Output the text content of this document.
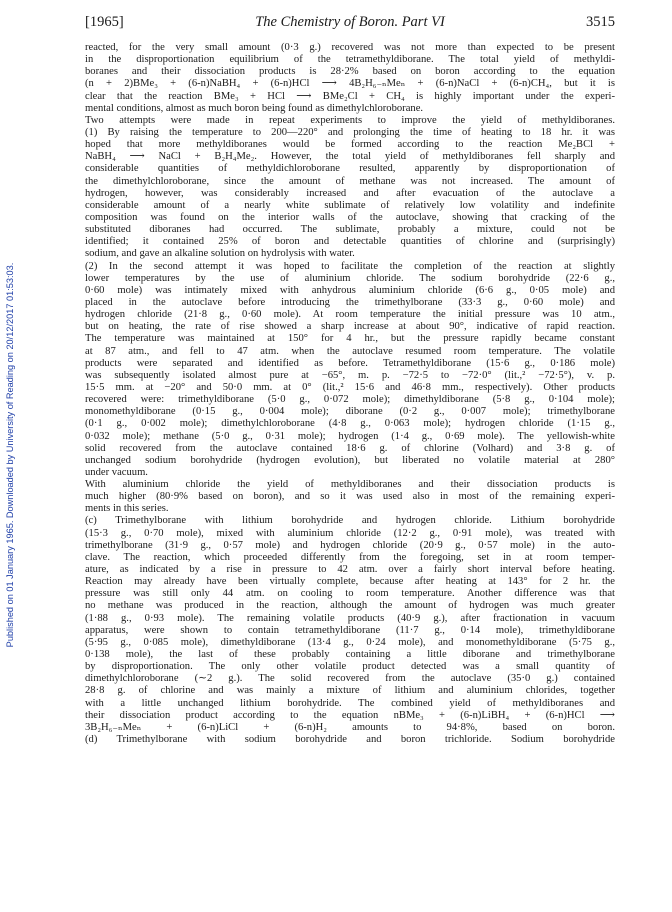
[1965]	The Chemistry of Boron. Part VI	3515
Published on 01 January 1965. Downloaded by University of Reading on 20/12/2017 01:53:03.
reacted, for the very small amount (0·3 g.) recovered was not more than expected to be present
in the disproportionation equilibrium of the tetramethyldiborane. The total yield of methyldi-
boranes and their dissociation products is 28·2% based on boron according to the equation
(n + 2)BMe₃ + (6-n)NaBH₄ + (6-n)HCl ⟶ 4B₂H₆₋ₙMeₙ + (6-n)NaCl + (6-n)CH₄, but it is
clear that the reaction BMe₃ + HCl ⟶ BMe₂Cl + CH₄ is highly important under the experi-
mental conditions, almost as much boron being found as dimethylchloroborane.
Two attempts were made in repeat experiments to improve the yield of methyldiboranes.
(1) By raising the temperature to 200—220° and prolonging the time of heating to 18 hr. it was
hoped that more methyldiboranes would be formed according to the reaction Me₂BCl +
NaBH₄ ⟶ NaCl + B₂H₄Me₂. However, the total yield of methyldiboranes fell sharply and
considerable quantities of methyldichloroborane resulted, apparently by disproportionation of
the dimethylchloroborane, since the amount of methane was not increased. The amount of
hydrogen, however, was considerably increased and after evacuation of the autoclave a
considerable amount of a nearly white sublimate of relatively low volatility and indefinite
composition was found on the interior walls of the autoclave, showing that cracking of the
substituted diboranes had occurred. The sublimate, probably a mixture, could not be
identified; it contained 25% of boron and detectable quantities of chlorine and (surprisingly)
sodium, and gave an alkaline solution on hydrolysis with water.
(2) In the second attempt it was hoped to facilitate the completion of the reaction at slightly
lower temperatures by the use of aluminium chloride. The sodium borohydride (22·6 g.,
0·60 mole) was intimately mixed with anhydrous aluminium chloride (6·6 g., 0·05 mole) and
placed in the autoclave before introducing the trimethylborane (33·3 g., 0·60 mole) and
hydrogen chloride (21·8 g., 0·60 mole). At room temperature the initial pressure was 10 atm.,
but on heating, the rate of rise showed a sharp increase at about 90°, indicative of rapid reaction.
The temperature was maintained at 150° for 4 hr., but the pressure rapidly became constant
at 87 atm., and fell to 47 atm. when the autoclave resumed room temperature. The volatile
products were separated and identified as before. Tetramethyldiborane (15·6 g., 0·186 mole)
was subsequently isolated almost pure at −65°, m. p. −72·5 to −72·0° (lit.,² −72·5°), v. p.
15·5 mm. at −20° and 50·0 mm. at 0° (lit.,² 15·6 and 46·8 mm., respectively). Other products
recovered were: trimethyldiborane (5·0 g., 0·072 mole); dimethyldiborane (5·8 g., 0·104 mole);
monomethyldiborane (0·15 g., 0·004 mole); diborane (0·2 g., 0·007 mole); trimethylborane
(0·1 g., 0·002 mole); dimethylchloroborane (4·8 g., 0·063 mole); hydrogen chloride (1·15 g.,
0·032 mole); methane (5·0 g., 0·31 mole); hydrogen (1·4 g., 0·69 mole). The yellowish-white
solid recovered from the autoclave contained 18·6 g. of chlorine (Volhard) and 3·8 g. of
unchanged sodium borohydride (hydrogen evolution), but liberated no volatile material at 280°
under vacuum.
With aluminium chloride the yield of methyldiboranes and their dissociation products is
much higher (80·9% based on boron), and so it was used also in most of the remaining experi-
ments in this series.
(c) Trimethylborane with lithium borohydride and hydrogen chloride. Lithium borohydride
(15·3 g., 0·70 mole), mixed with aluminium chloride (12·2 g., 0·91 mole), was treated with
trimethylborane (31·9 g., 0·57 mole) and hydrogen chloride (20·9 g., 0·57 mole) in the auto-
clave. The reaction, which proceeded differently from the foregoing, set in at room temper-
ature, as indicated by a rise in pressure to 42 atm. over a fairly short interval before heating.
Reaction may already have been virtually complete, because after heating at 143° for 2 hr. the
pressure was still only 44 atm. on cooling to room temperature. Another difference was that
no methane was produced in the reaction, although the amount of hydrogen was much greater
(1·88 g., 0·93 mole). The remaining volatile products (40·9 g.), after fractionation in vacuum
apparatus, were shown to contain tetramethyldiborane (11·7 g., 0·14 mole), trimethyldiborane
(5·95 g., 0·085 mole), dimethyldiborane (13·4 g., 0·24 mole), and monomethyldiborane (5·75 g.,
0·138 mole), the last of these probably containing a little diborane and trimethylborane
by disproportionation. The only other volatile product detected was a small quantity of
dimethylchloroborane (∼2 g.). The solid recovered from the autoclave (35·0 g.) contained
28·8 g. of chlorine and was mainly a mixture of lithium and aluminium chlorides, together
with a little unchanged lithium borohydride. The combined yield of methyldiboranes and
their dissociation product according to the equation nBMe₃ + (6-n)LiBH₄ + (6-n)HCl ⟶
3B₂H₆₋ₙMeₙ + (6-n)LiCl + (6-n)H₂ amounts to 94·8%, based on boron.
(d) Trimethylborane with sodium borohydride and boron trichloride. Sodium borohydride
